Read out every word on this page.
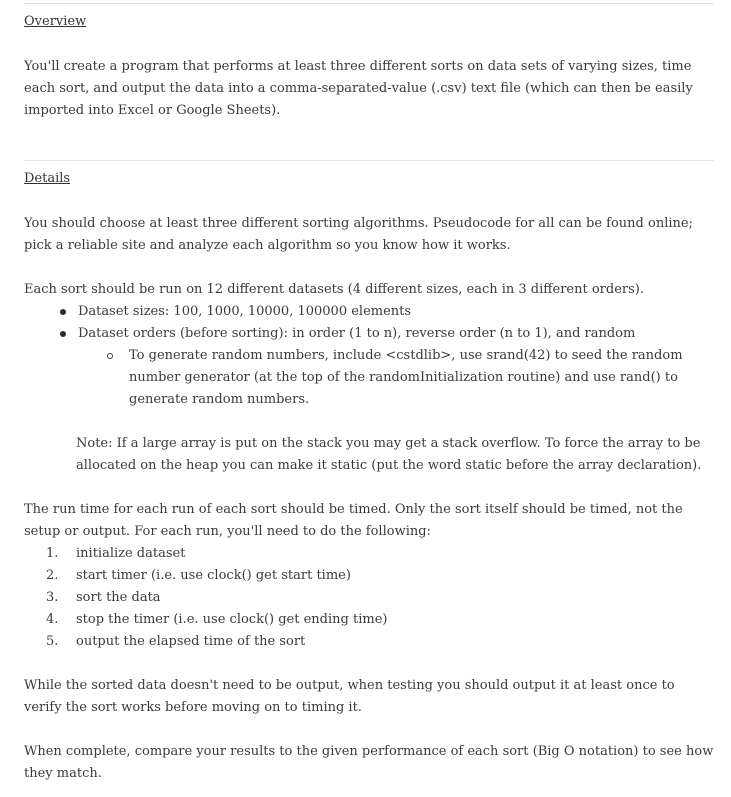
Overview

You'll create a program that performs at least three different sorts on data sets of varying sizes, time each sort, and output the data into a comma-separated-value (.csv) text file (which can then be easily imported into Excel or Google Sheets).

Details

You should choose at least three different sorting algorithms. Pseudocode for all can be found online; pick a reliable site and analyze each algorithm so you know how it works.

Each sort should be run on 12 different datasets (4 different sizes, each in 3 different orders).

Dataset sizes: 100, 1000, 10000, 100000 elements
Dataset orders (before sorting): in order (1 to n), reverse order (n to 1), and random
To generate random numbers, include <cstdlib>, use srand(42) to seed the random number generator (at the top of the randomInitialization routine) and use rand() to generate random numbers.

Note: If a large array is put on the stack you may get a stack overflow. To force the array to be allocated on the heap you can make it static (put the word static before the array declaration).

The run time for each run of each sort should be timed. Only the sort itself should be timed, not the setup or output. For each run, you'll need to do the following:

1. initialize dataset
2. start timer (i.e. use clock() get start time)
3. sort the data
4. stop the timer (i.e. use clock() get ending time)
5. output the elapsed time of the sort

While the sorted data doesn't need to be output, when testing you should output it at least once to verify the sort works before moving on to timing it.

When complete, compare your results to the given performance of each sort (Big O notation) to see how they match.
